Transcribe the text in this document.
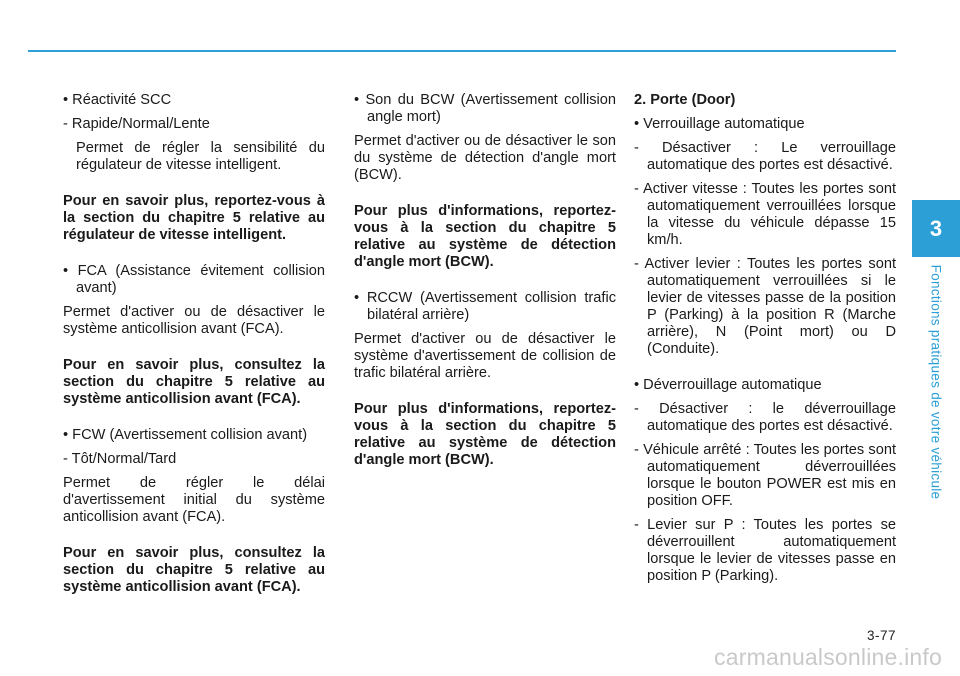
• Réactivité SCC

- Rapide/Normal/Lente

Permet de régler la sensibilité du régulateur de vitesse intelligent.

Pour en savoir plus, reportez-vous à la section du chapitre 5 relative au régulateur de vitesse intelligent.

• FCA (Assistance évitement collision avant)

Permet d'activer ou de désactiver le système anticollision avant (FCA).

Pour en savoir plus, consultez la section du chapitre 5 relative au système anticollision avant (FCA).

• FCW (Avertissement collision avant)

- Tôt/Normal/Tard

Permet de régler le délai d'avertissement initial du système anticollision avant (FCA).

Pour en savoir plus, consultez la section du chapitre 5 relative au système anticollision avant (FCA).

• Son du BCW (Avertissement collision angle mort)

Permet d'activer ou de désactiver le son du système de détection d'angle mort (BCW).

Pour plus d'informations, reportez-vous à la section du chapitre 5 relative au système de détection d'angle mort (BCW).

• RCCW (Avertissement collision trafic bilatéral arrière)

Permet d'activer ou de désactiver le système d'avertissement de collision de trafic bilatéral arrière.

Pour plus d'informations, reportez-vous à la section du chapitre 5 relative au système de détection d'angle mort (BCW).

2. Porte (Door)

• Verrouillage automatique

- Désactiver : Le verrouillage automatique des portes est désactivé.

- Activer vitesse : Toutes les portes sont automatiquement verrouillées lorsque la vitesse du véhicule dépasse 15 km/h.

- Activer levier : Toutes les portes sont automatiquement verrouillées si le levier de vitesses passe de la position P (Parking) à la position R (Marche arrière), N (Point mort) ou D (Conduite).

• Déverrouillage automatique

- Désactiver : le déverrouillage automatique des portes est désactivé.

- Véhicule arrêté : Toutes les portes sont automatiquement déverrouillées lorsque le bouton POWER est mis en position OFF.

- Levier sur P : Toutes les portes se déverrouillent automatiquement lorsque le levier de vitesses passe en position P (Parking).

3
Fonctions pratiques de votre véhicule
3-77
carmanualsonline.info
